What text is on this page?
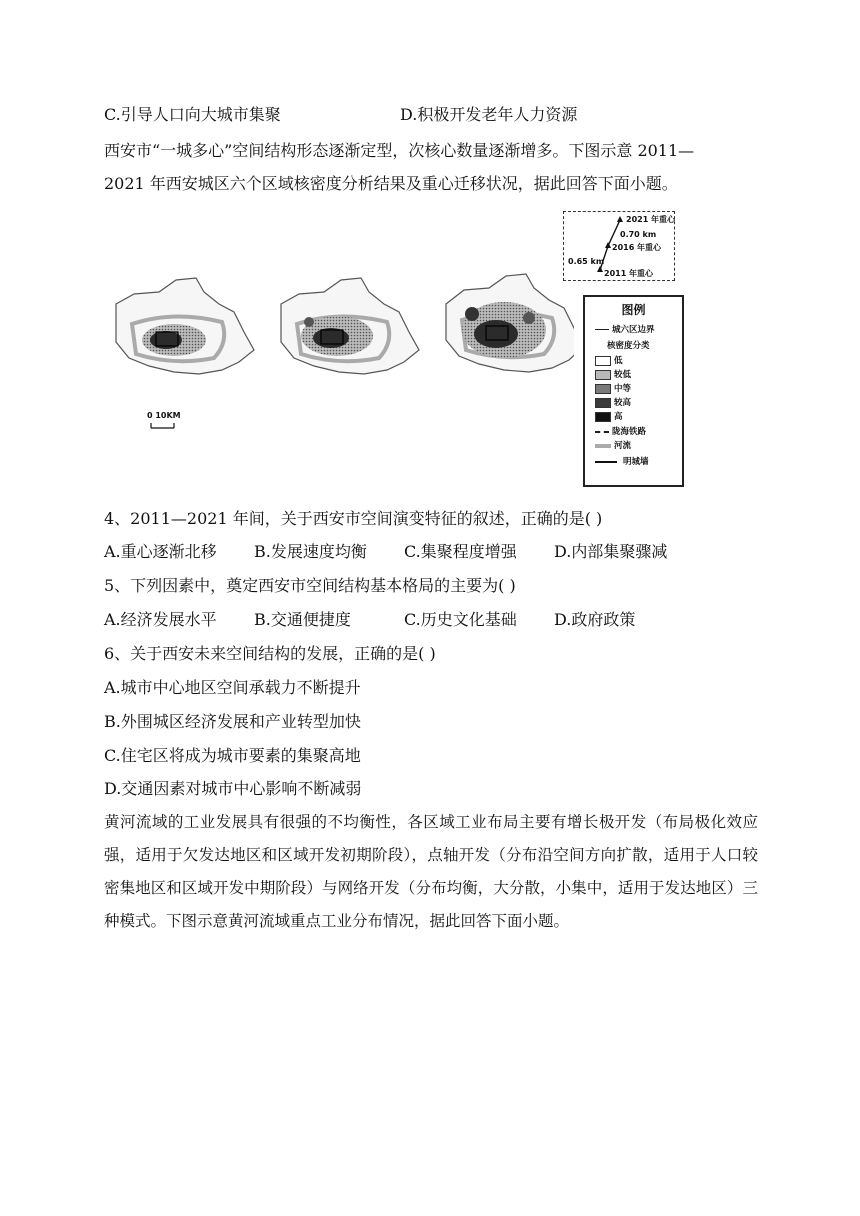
C.引导人口向大城市集聚	D.积极开发老年人力资源
西安市“一城多心”空间结构形态逐渐定型，次核心数量逐渐增多。下图示意 2011—
2021 年西安城区六个区域核密度分析结果及重心迁移状况，据此回答下面小题。
0 10KM
2021 年重心
0.70 km
2016 年重心
0.65 km
2011 年重心
图例
城六区边界
核密度分类
低
较低
中等
较高
高
陇海铁路
河流
明城墙
4、2011—2021 年间，关于西安市空间演变特征的叙述，正确的是( )
A.重心逐渐北移 B.发展速度均衡 C.集聚程度增强 D.内部集聚骤减
5、下列因素中，奠定西安市空间结构基本格局的主要为( )
A.经济发展水平 B.交通便捷度	C.历史文化基础 D.政府政策
6、关于西安未来空间结构的发展，正确的是( )
A.城市中心地区空间承载力不断提升
B.外围城区经济发展和产业转型加快
C.住宅区将成为城市要素的集聚高地
D.交通因素对城市中心影响不断减弱
黄河流域的工业发展具有很强的不均衡性，各区域工业布局主要有增长极开发（布局极化效应强，适用于欠发达地区和区域开发初期阶段），点轴开发（分布沿空间方向扩散，适用于人口较密集地区和区域开发中期阶段）与网络开发（分布均衡，大分散，小集中，适用于发达地区）三种模式。下图示意黄河流域重点工业分布情况，据此回答下面小题。
